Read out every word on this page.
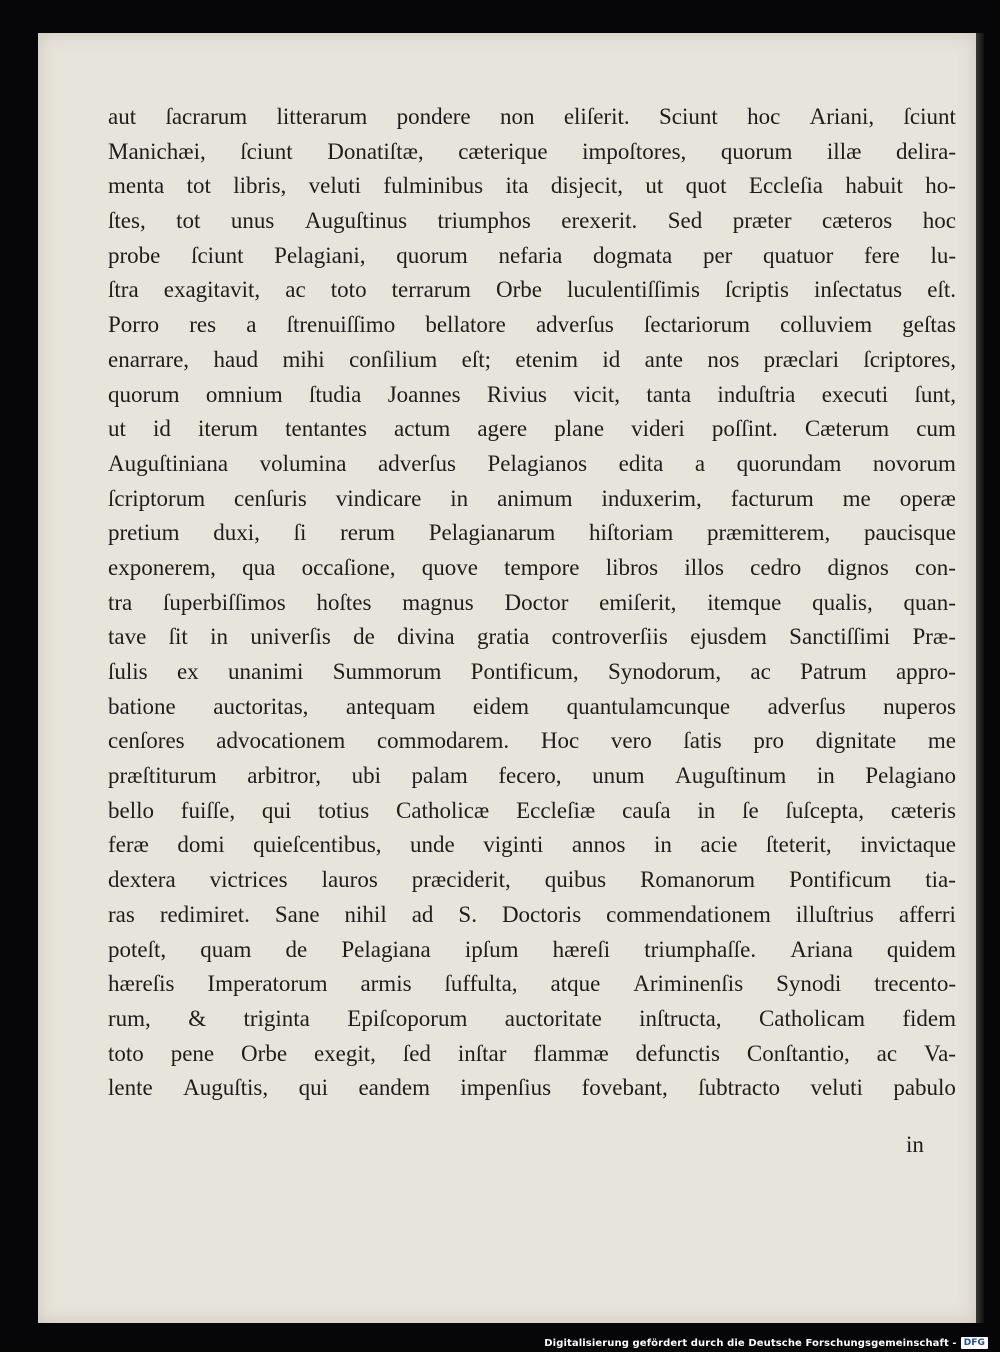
aut ſacrarum litterarum pondere non eliſerit. Sciunt hoc Ariani, ſciunt
Manichæi, ſciunt Donatiſtæ, cæterique impoſtores, quorum illæ delira-
menta tot libris, veluti fulminibus ita disjecit, ut quot Eccleſia habuit ho-
ſtes, tot unus Auguſtinus triumphos erexerit. Sed præter cæteros hoc
probe ſciunt Pelagiani, quorum nefaria dogmata per quatuor fere lu-
ſtra exagitavit, ac toto terrarum Orbe luculentiſſimis ſcriptis inſectatus eſt.
Porro res a ſtrenuiſſimo bellatore adverſus ſectariorum colluviem geſtas
enarrare, haud mihi conſilium eſt; etenim id ante nos præclari ſcriptores,
quorum omnium ſtudia Joannes Rivius vicit, tanta induſtria executi ſunt,
ut id iterum tentantes actum agere plane videri poſſint. Cæterum cum
Auguſtiniana volumina adverſus Pelagianos edita a quorundam novorum
ſcriptorum cenſuris vindicare in animum induxerim, facturum me operæ
pretium duxi, ſi rerum Pelagianarum hiſtoriam præmitterem, paucisque
exponerem, qua occaſione, quove tempore libros illos cedro dignos con-
tra ſuperbiſſimos hoſtes magnus Doctor emiſerit, itemque qualis, quan-
tave ſit in univerſis de divina gratia controverſiis ejusdem Sanctiſſimi Præ-
ſulis ex unanimi Summorum Pontificum, Synodorum, ac Patrum appro-
batione auctoritas, antequam eidem quantulamcunque adverſus nuperos
cenſores advocationem commodarem. Hoc vero ſatis pro dignitate me
præſtiturum arbitror, ubi palam fecero, unum Auguſtinum in Pelagiano
bello fuiſſe, qui totius Catholicæ Eccleſiæ cauſa in ſe ſuſcepta, cæteris
feræ domi quieſcentibus, unde viginti annos in acie ſteterit, invictaque
dextera victrices lauros præciderit, quibus Romanorum Pontificum tia-
ras redimiret. Sane nihil ad S. Doctoris commendationem illuſtrius afferri
poteſt, quam de Pelagiana ipſum hæreſi triumphaſſe. Ariana quidem
hæreſis Imperatorum armis ſuffulta, atque Ariminenſis Synodi trecento-
rum, & triginta Epiſcoporum auctoritate inſtructa, Catholicam fidem
toto pene Orbe exegit, ſed inſtar flammæ defunctis Conſtantio, ac Va-
lente Auguſtis, qui eandem impenſius fovebant, ſubtracto veluti pabulo
in
Digitalisierung gefördert durch die Deutsche Forschungsgemeinschaft - DFG
